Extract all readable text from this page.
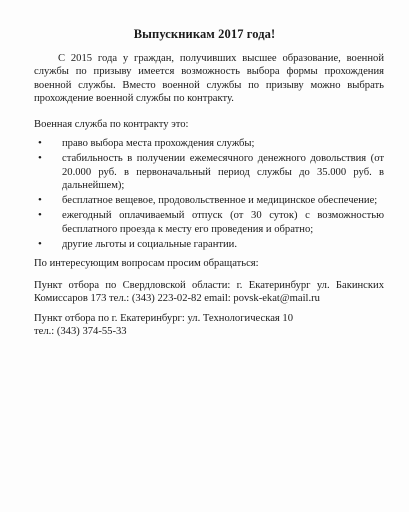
Выпускникам 2017 года!
С 2015 года у граждан, получивших высшее образование, военной службы по призыву имеется возможность выбора формы прохождения военной службы. Вместо военной службы по призыву можно выбрать прохождение военной службы по контракту.
Военная служба по контракту это:
• право выбора места прохождения службы;
• стабильность в получении ежемесячного денежного довольствия (от 20.000 руб. в первоначальный период службы до 35.000 руб. в дальнейшем);
• бесплатное вещевое, продовольственное и медицинское обеспечение;
• ежегодный оплачиваемый отпуск (от 30 суток) с возможностью бесплатного проезда к месту его проведения и обратно;
• другие льготы и социальные гарантии.
По интересующим вопросам просим обращаться:
Пункт отбора по Свердловской области: г. Екатеринбург ул. Бакинских Комиссаров 173 тел.: (343) 223-02-82 email: povsk-ekat@mail.ru
Пункт отбора по г. Екатеринбург: ул. Технологическая 10
тел.: (343) 374-55-33
